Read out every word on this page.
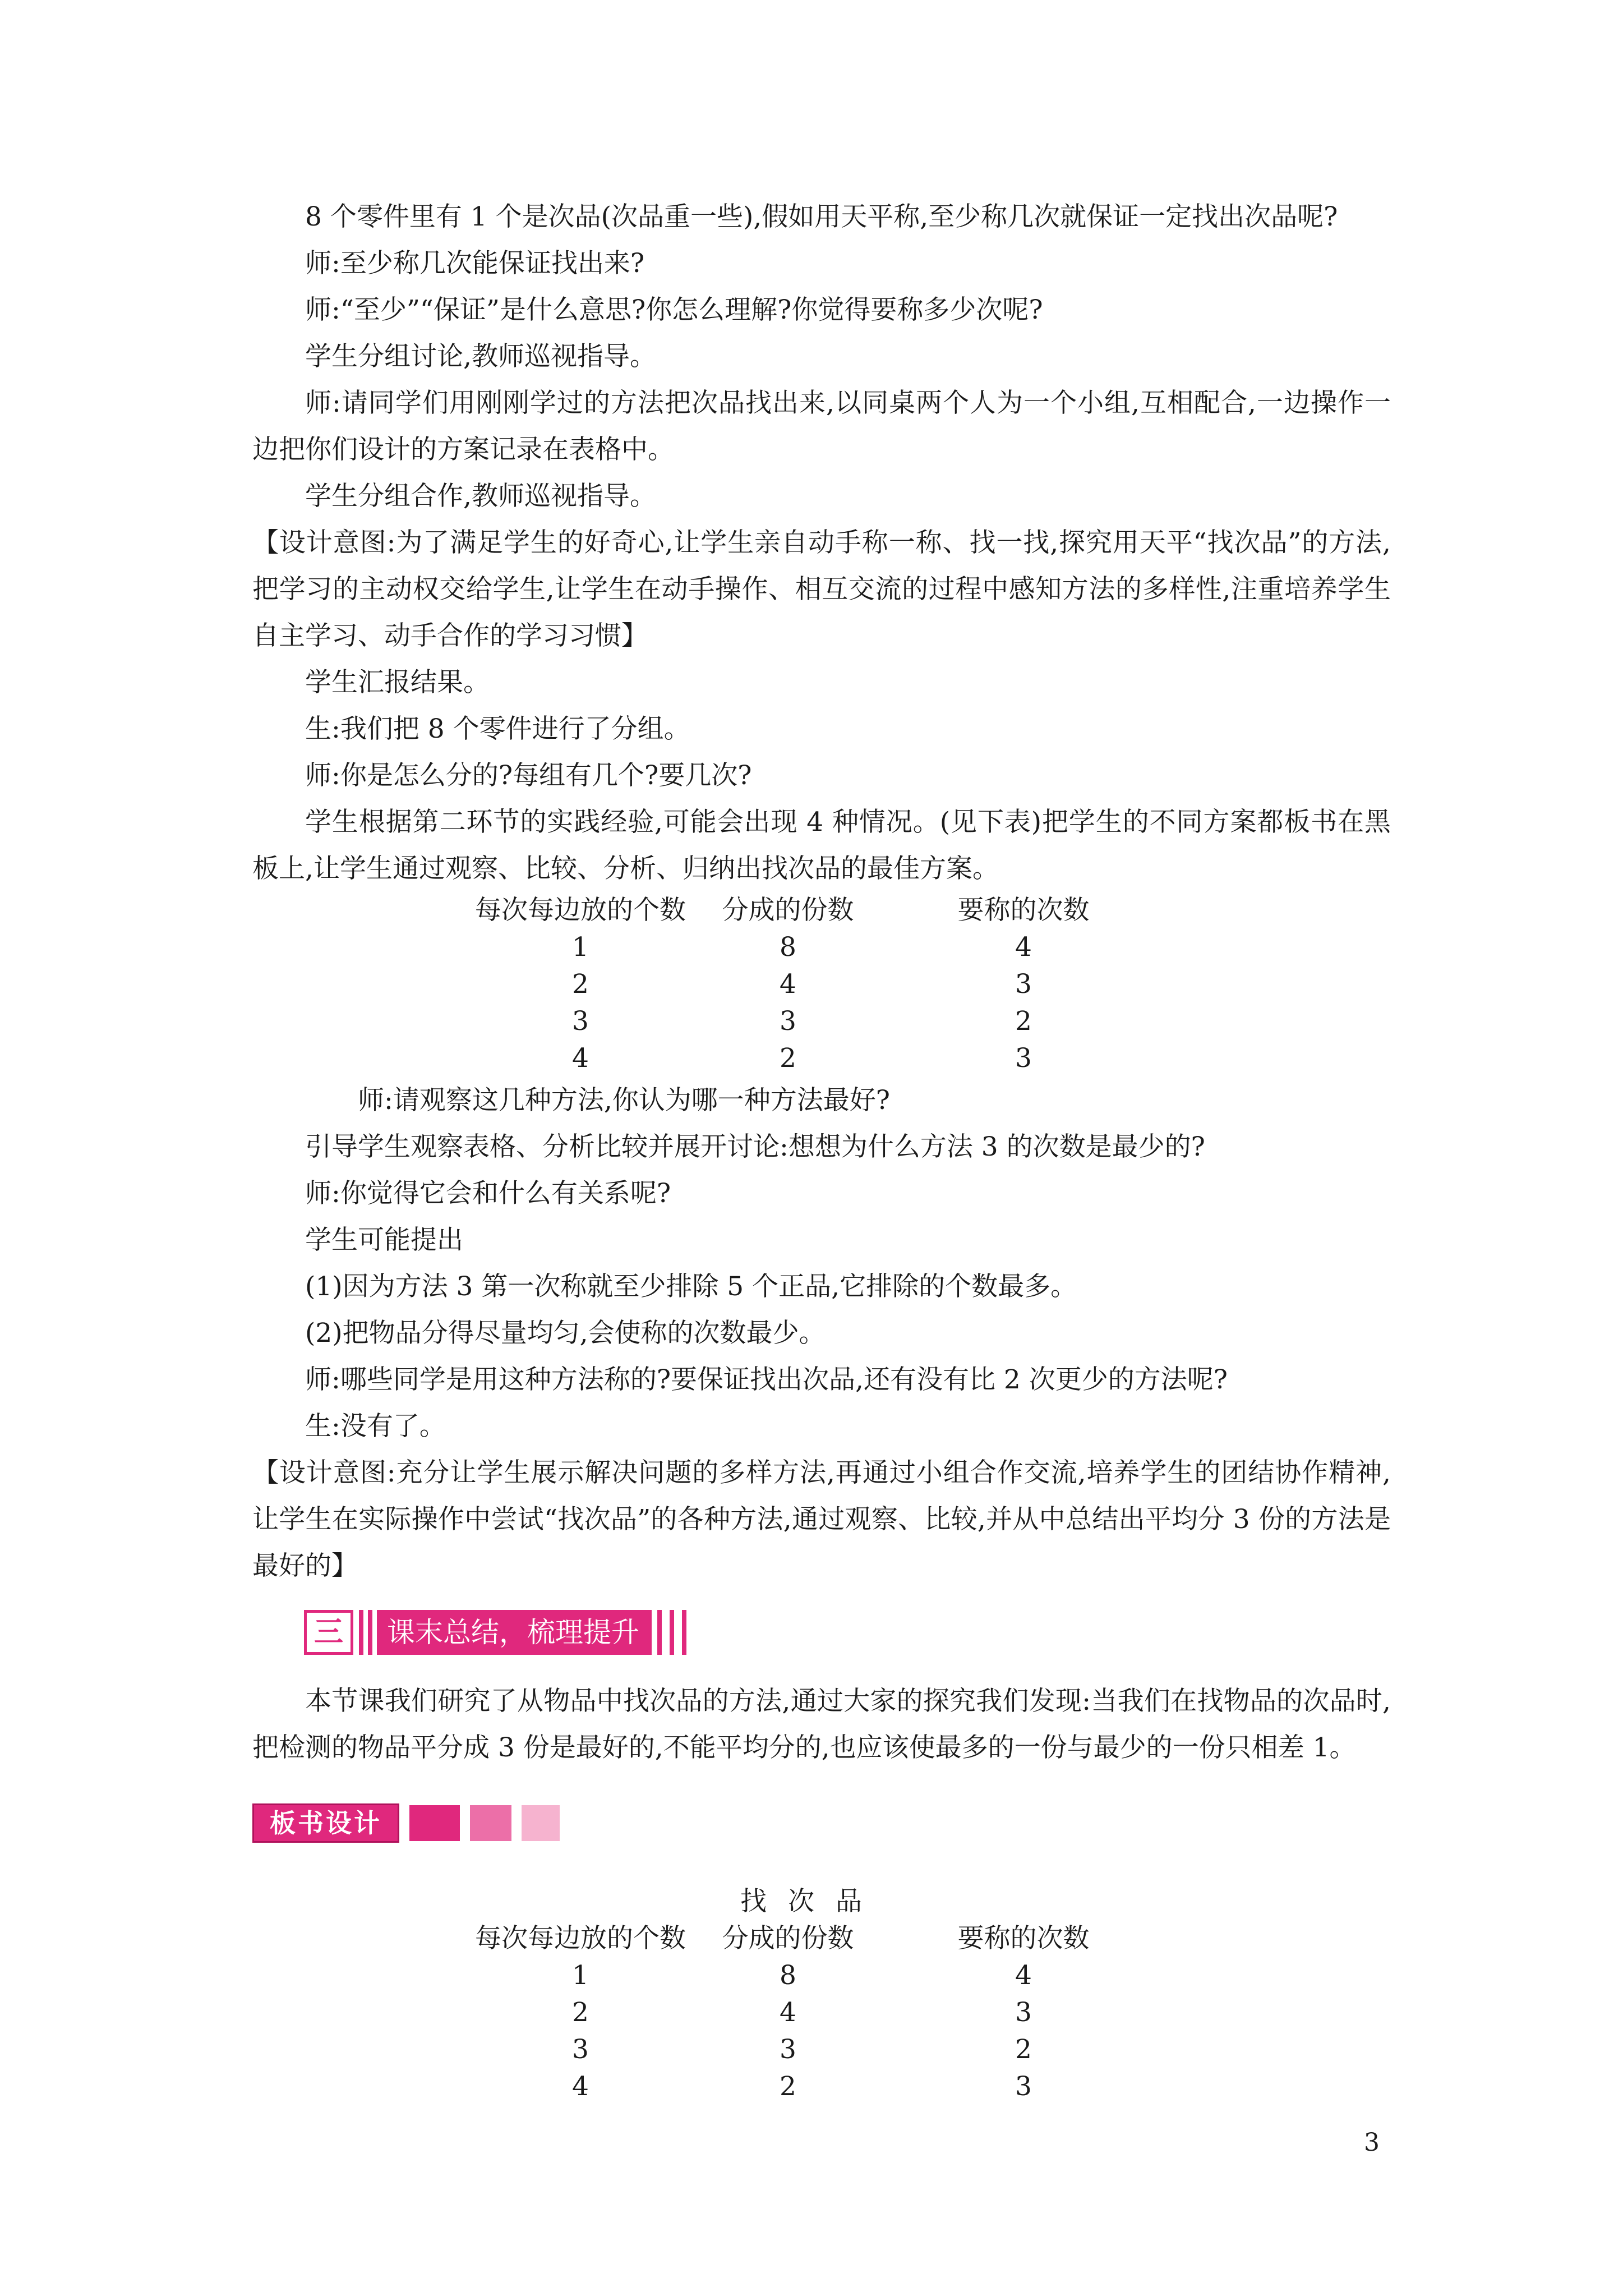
8 个零件里有 1 个是次品(次品重一些),假如用天平称,至少称几次就保证一定找出次品呢?

师:至少称几次能保证找出来?

师:“至少”“保证”是什么意思?你怎么理解?你觉得要称多少次呢?

学生分组讨论,教师巡视指导。

师:请同学们用刚刚学过的方法把次品找出来,以同桌两个人为一个小组,互相配合,一边操作一边把你们设计的方案记录在表格中。

学生分组合作,教师巡视指导。

【设计意图:为了满足学生的好奇心,让学生亲自动手称一称、找一找,探究用天平“找次品”的方法,把学习的主动权交给学生,让学生在动手操作、相互交流的过程中感知方法的多样性,注重培养学生自主学习、动手合作的学习习惯】

学生汇报结果。

生:我们把 8 个零件进行了分组。

师:你是怎么分的?每组有几个?要几次?

学生根据第二环节的实践经验,可能会出现 4 种情况。(见下表)把学生的不同方案都板书在黑板上,让学生通过观察、比较、分析、归纳出找次品的最佳方案。

每次每边放的个数	分成的份数	要称的次数
1	8	4
2	4	3
3	3	2
4	2	3

师:请观察这几种方法,你认为哪一种方法最好?

引导学生观察表格、分析比较并展开讨论:想想为什么方法 3 的次数是最少的?

师:你觉得它会和什么有关系呢?

学生可能提出

(1)因为方法 3 第一次称就至少排除 5 个正品,它排除的个数最多。

(2)把物品分得尽量均匀,会使称的次数最少。

师:哪些同学是用这种方法称的?要保证找出次品,还有没有比 2 次更少的方法呢?

生:没有了。

【设计意图:充分让学生展示解决问题的多样方法,再通过小组合作交流,培养学生的团结协作精神,让学生在实际操作中尝试“找次品”的各种方法,通过观察、比较,并从中总结出平均分 3 份的方法是最好的】

三	课末总结，梳理提升

本节课我们研究了从物品中找次品的方法,通过大家的探究我们发现:当我们在找物品的次品时,把检测的物品平分成 3 份是最好的,不能平均分的,也应该使最多的一份与最少的一份只相差 1。

板书设计
找次品
每次每边放的个数	分成的份数	要称的次数
1	8	4
2	4	3
3	3	2
4	2	3
3
